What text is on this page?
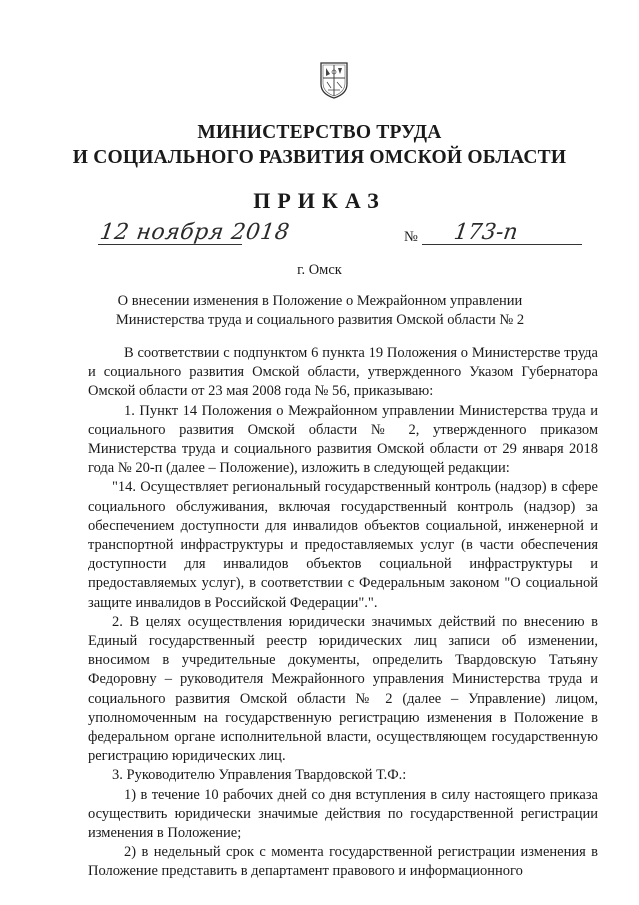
МИНИСТЕРСТВО ТРУДА
И СОЦИАЛЬНОГО РАЗВИТИЯ ОМСКОЙ ОБЛАСТИ
ПРИКАЗ
12 ноября 2018	№ 173-п
г. Омск
О внесении изменения в Положение о Межрайонном управлении
Министерства труда и социального развития Омской области № 2

В соответствии с подпунктом 6 пункта 19 Положения о Министерстве труда и социального развития Омской области, утвержденного Указом Губернатора Омской области от 23 мая 2008 года № 56, приказываю:

1. Пункт 14 Положения о Межрайонном управлении Министерства труда и социального развития Омской области № 2, утвержденного приказом Министерства труда и социального развития Омской области от 29 января 2018 года № 20-п (далее – Положение), изложить в следующей редакции:

"14. Осуществляет региональный государственный контроль (надзор) в сфере социального обслуживания, включая государственный контроль (надзор) за обеспечением доступности для инвалидов объектов социальной, инженерной и транспортной инфраструктуры и предоставляемых услуг (в части обеспечения доступности для инвалидов объектов социальной инфраструктуры и предоставляемых услуг), в соответствии с Федеральным законом "О социальной защите инвалидов в Российской Федерации".".

2. В целях осуществления юридически значимых действий по внесению в Единый государственный реестр юридических лиц записи об изменении, вносимом в учредительные документы, определить Твардовскую Татьяну Федоровну – руководителя Межрайонного управления Министерства труда и социального развития Омской области № 2 (далее – Управление) лицом, уполномоченным на государственную регистрацию изменения в Положение в федеральном органе исполнительной власти, осуществляющем государственную регистрацию юридических лиц.

3. Руководителю Управления Твардовской Т.Ф.:

1) в течение 10 рабочих дней со дня вступления в силу настоящего приказа осуществить юридически значимые действия по государственной регистрации изменения в Положение;

2) в недельный срок с момента государственной регистрации изменения в Положение представить в департамент правового и информационного
